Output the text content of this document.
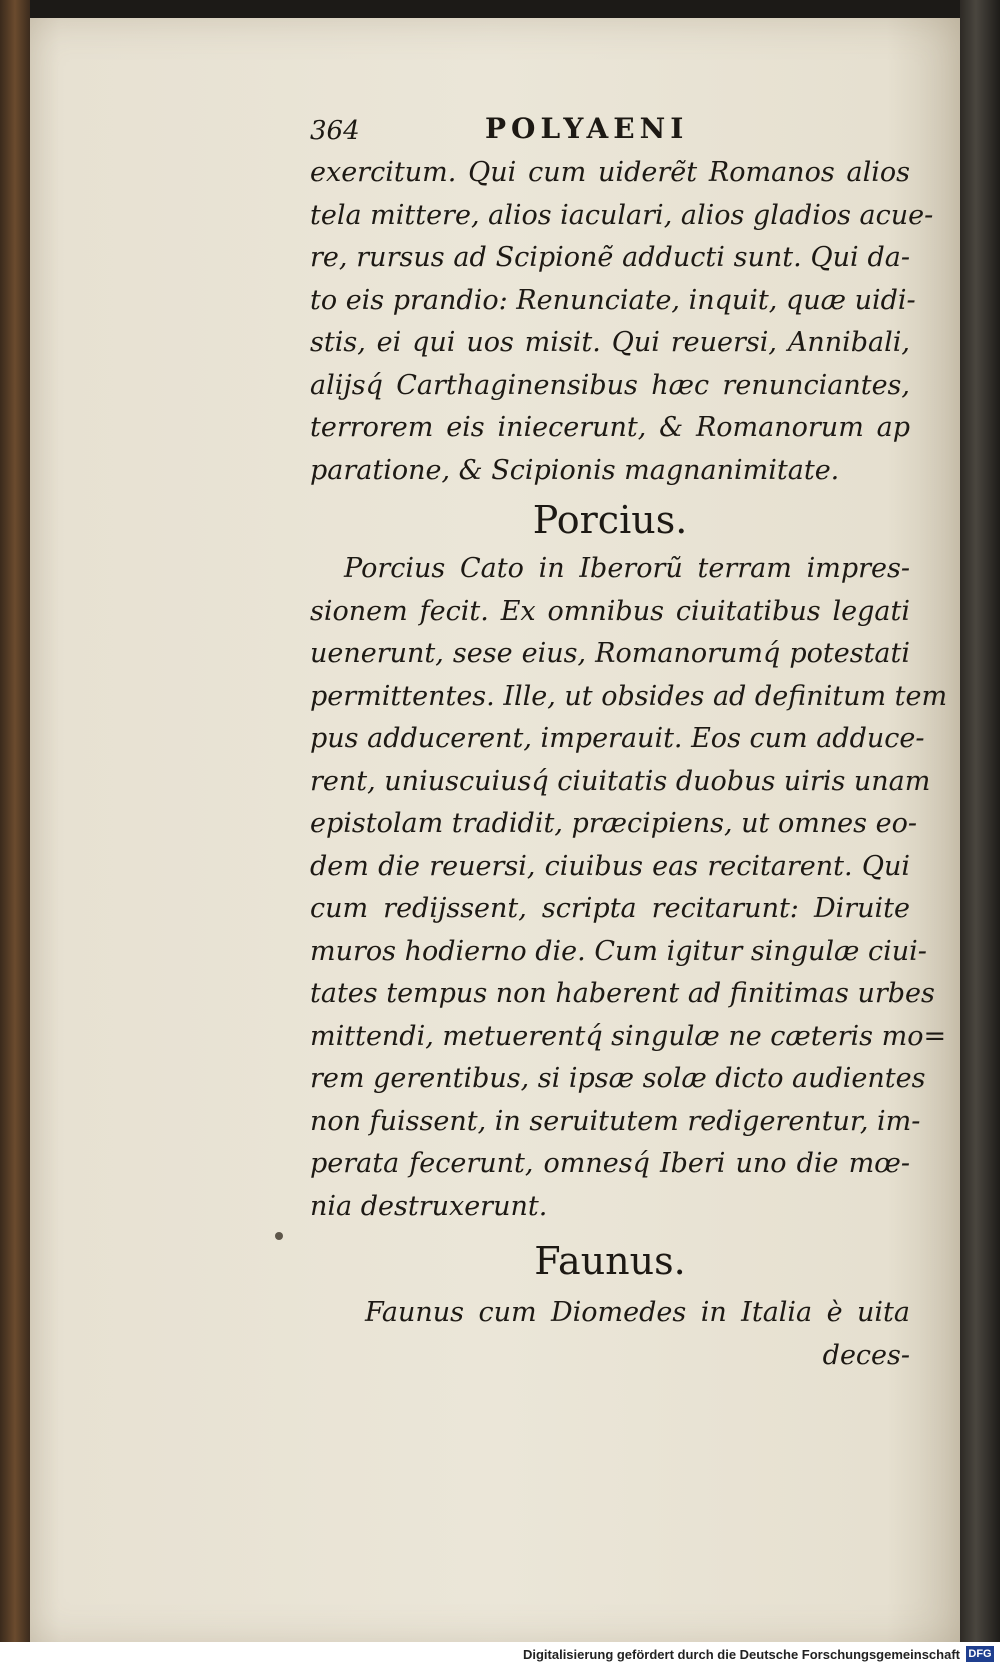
364	POLYAENI
exercitum. Qui cum uiderẽt Romanos alios
tela mittere, alios iaculari, alios gladios acue-
re, rursus ad Scipionẽ adducti sunt. Qui da-
to eis prandio: Renunciate, inquit, quæ uidi-
stis, ei qui uos misit. Qui reuersi, Annibali,
alijsq́ Carthaginensibus hæc renunciantes,
terrorem eis iniecerunt, & Romanorum ap
paratione, & Scipionis magnanimitate.
Porcius.
Porcius Cato in Iberorũ terram impres-
sionem fecit. Ex omnibus ciuitatibus legati
uenerunt, sese eius, Romanorumq́ potestati
permittentes. Ille, ut obsides ad definitum tem
pus adducerent, imperauit. Eos cum adduce-
rent, uniuscuiusq́ ciuitatis duobus uiris unam
epistolam tradidit, præcipiens, ut omnes eo-
dem die reuersi, ciuibus eas recitarent. Qui
cum redijssent, scripta recitarunt: Diruite
muros hodierno die. Cum igitur singulæ ciui-
tates tempus non haberent ad finitimas urbes
mittendi, metuerentq́ singulæ ne cæteris mo=
rem gerentibus, si ipsæ solæ dicto audientes
non fuissent, in seruitutem redigerentur, im-
perata fecerunt, omnesq́ Iberi uno die mœ-
nia destruxerunt.
Faunus.
Faunus cum Diomedes in Italia è uita
deces-
Digitalisierung gefördert durch die Deutsche Forschungsgemeinschaft DFG
